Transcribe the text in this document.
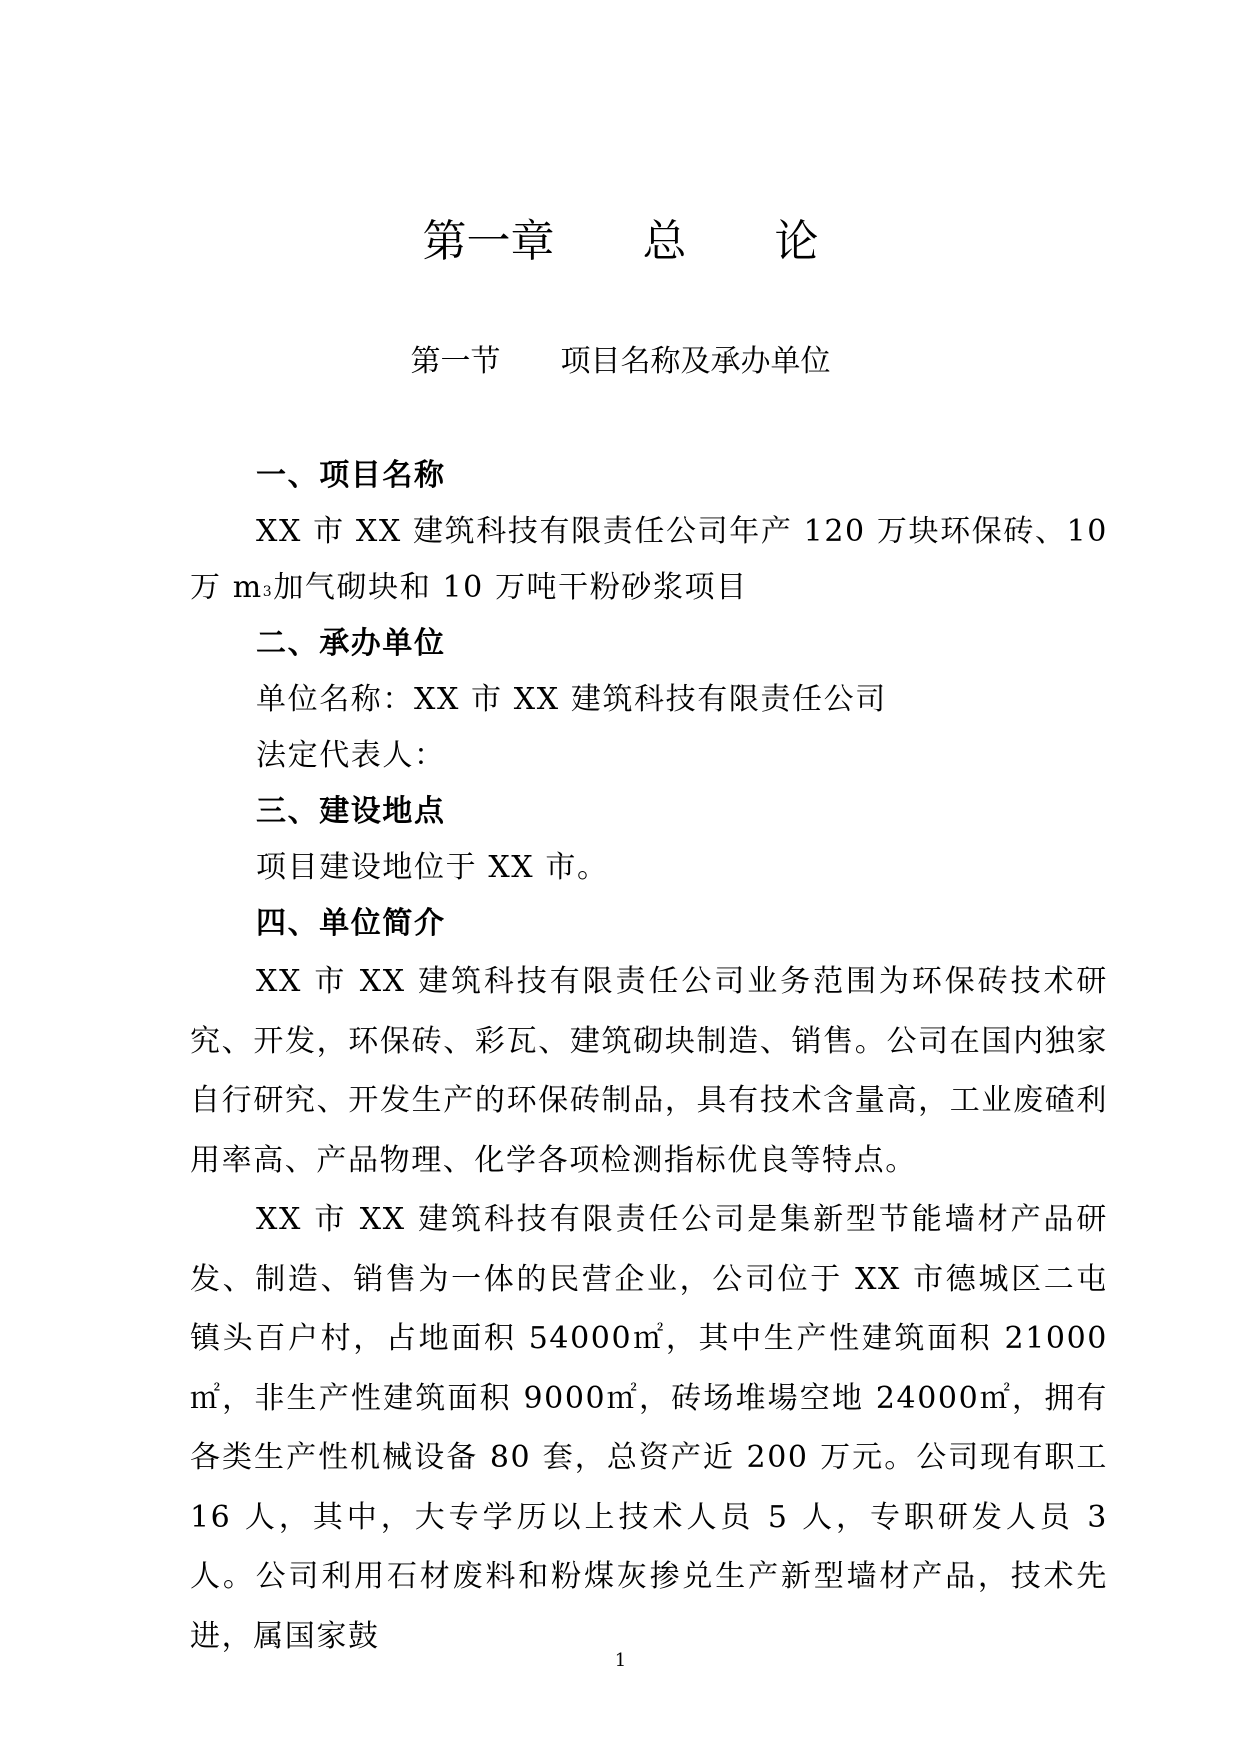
第一章　　总　　论
第一节　　项目名称及承办单位

一、项目名称

XX 市 XX 建筑科技有限责任公司年产 120 万块环保砖、10 万 $m^3$加气砌块和 10 万吨干粉砂浆项目

二、承办单位

单位名称：XX 市 XX 建筑科技有限责任公司

法定代表人：

三、建设地点

项目建设地位于 XX 市。

四、单位简介

XX 市 XX 建筑科技有限责任公司业务范围为环保砖技术研究、开发，环保砖、彩瓦、建筑砌块制造、销售。公司在国内独家自行研究、开发生产的环保砖制品，具有技术含量高，工业废碴利用率高、产品物理、化学各项检测指标优良等特点。

XX 市 XX 建筑科技有限责任公司是集新型节能墙材产品研发、制造、销售为一体的民营企业，公司位于 XX 市德城区二屯镇头百户村，占地面积 54000㎡，其中生产性建筑面积 21000㎡，非生产性建筑面积 9000㎡，砖场堆場空地 24000㎡，拥有各类生产性机械设备 80 套，总资产近 200 万元。公司现有职工 16 人，其中，大专学历以上技术人员 5 人，专职研发人员 3 人。公司利用石材废料和粉煤灰掺兑生产新型墙材产品，技术先进，属国家鼓

1
